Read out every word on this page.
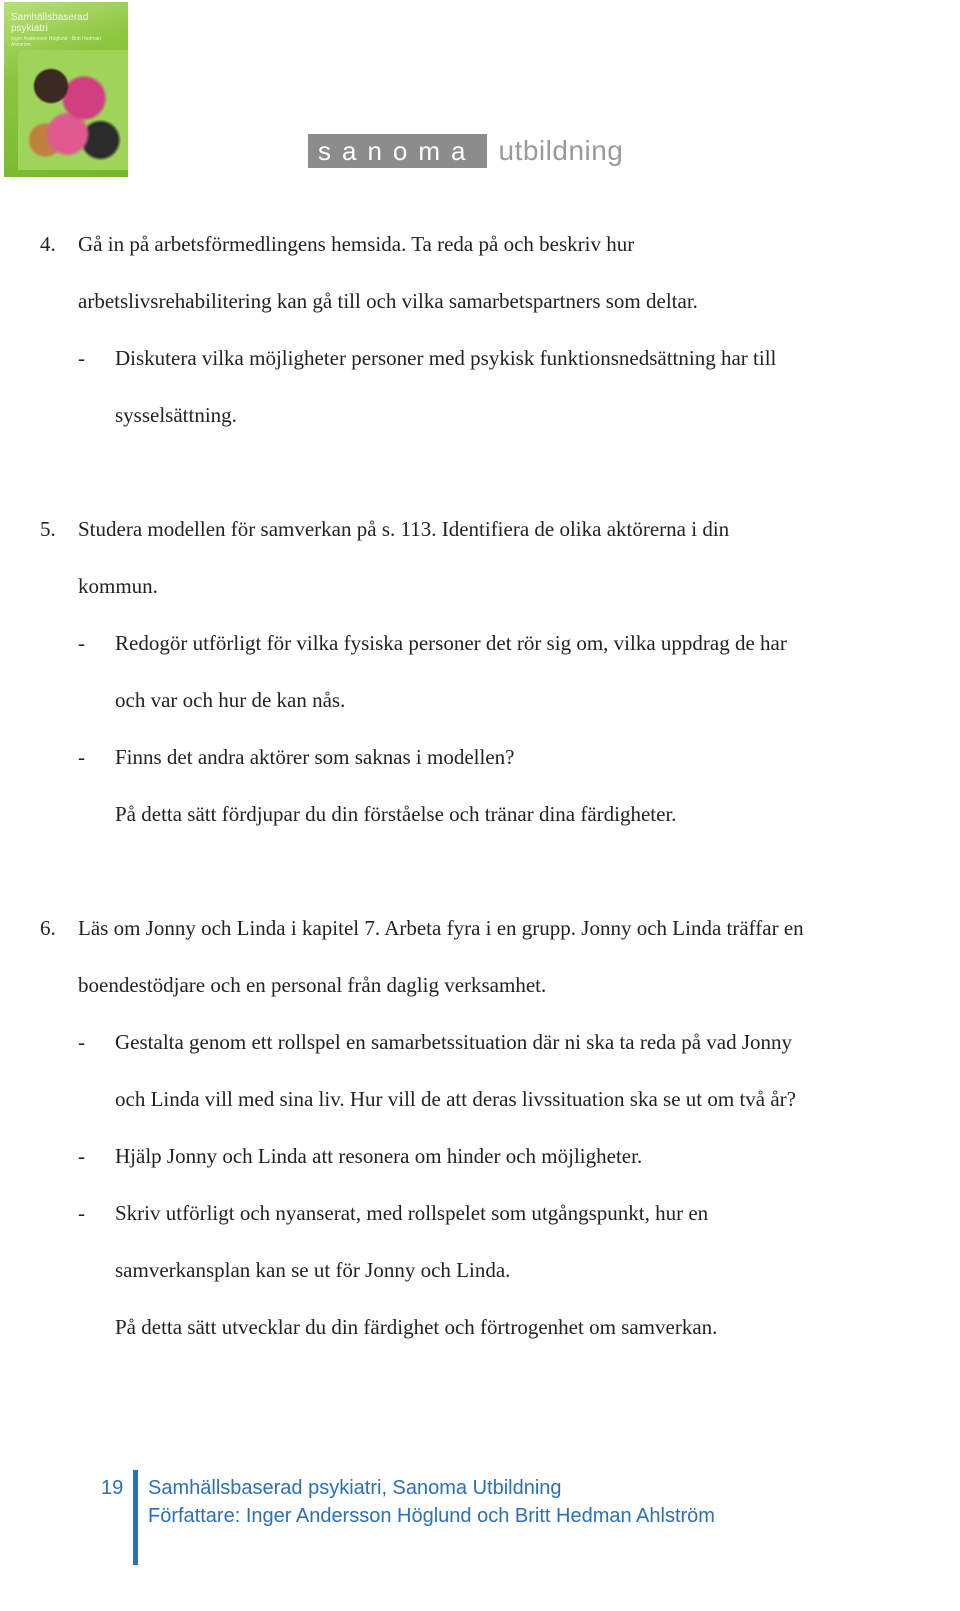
Samhällsbaserad psykiatri
Inger Andersson Höglund · Britt Hedman Ahlström
sanoma utbildning
4. Gå in på arbetsförmedlingens hemsida. Ta reda på och beskriv hur
arbetslivsrehabilitering kan gå till och vilka samarbetspartners som deltar.
- Diskutera vilka möjligheter personer med psykisk funktionsnedsättning har till
sysselsättning.
5. Studera modellen för samverkan på s. 113. Identifiera de olika aktörerna i din
kommun.
- Redogör utförligt för vilka fysiska personer det rör sig om, vilka uppdrag de har
och var och hur de kan nås.
- Finns det andra aktörer som saknas i modellen?
På detta sätt fördjupar du din förståelse och tränar dina färdigheter.
6. Läs om Jonny och Linda i kapitel 7. Arbeta fyra i en grupp. Jonny och Linda träffar en
boendestödjare och en personal från daglig verksamhet.
- Gestalta genom ett rollspel en samarbetssituation där ni ska ta reda på vad Jonny
och Linda vill med sina liv. Hur vill de att deras livssituation ska se ut om två år?
- Hjälp Jonny och Linda att resonera om hinder och möjligheter.
- Skriv utförligt och nyanserat, med rollspelet som utgångspunkt, hur en
samverkansplan kan se ut för Jonny och Linda.
På detta sätt utvecklar du din färdighet och förtrogenhet om samverkan.
19 Samhällsbaserad psykiatri, Sanoma Utbildning
Författare: Inger Andersson Höglund och Britt Hedman Ahlström
